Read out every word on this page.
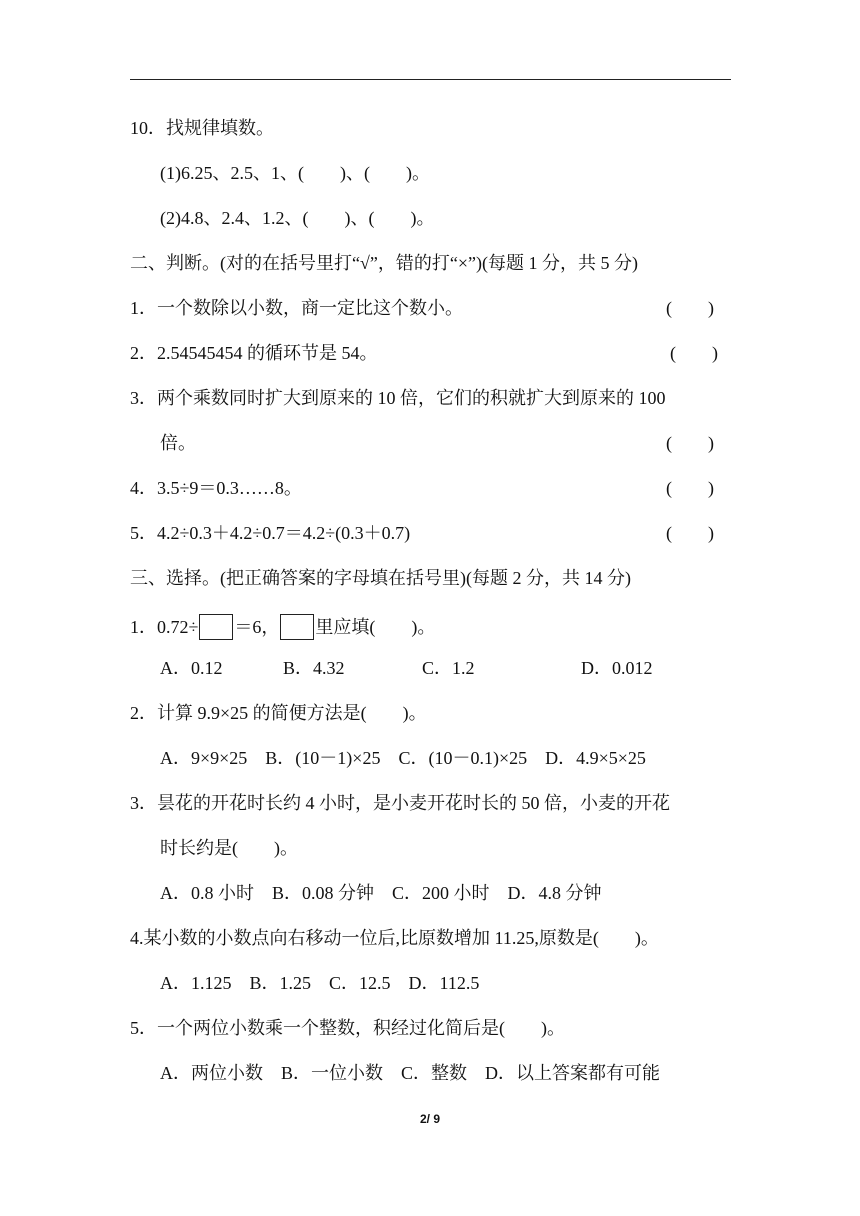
10．找规律填数。
(1)6.25、2.5、1、(　　)、(　　)。
(2)4.8、2.4、1.2、(　　)、(　　)。
二、判断。(对的在括号里打“√”，错的打“×”)(每题 1 分，共 5 分)
1．一个数除以小数，商一定比这个数小。	(　　)
2．2.54545454 的循环节是 54。	(　　)
3．两个乘数同时扩大到原来的 10 倍，它们的积就扩大到原来的 100
倍。	(　　)
4．3.5÷9＝0.3……8。	(　　)
5．4.2÷0.3＋4.2÷0.7＝4.2÷(0.3＋0.7)	(　　)
三、选择。(把正确答案的字母填在括号里)(每题 2 分，共 14 分)
1．0.72÷ ＝6， 里应填(　　)。
A．0.12	B．4.32	C．1.2	D．0.012
2．计算 9.9×25 的简便方法是(　　)。
A．9×9×25　B．(10－1)×25　C．(10－0.1)×25　D．4.9×5×25
3．昙花的开花时长约 4 小时，是小麦开花时长的 50 倍，小麦的开花
时长约是(　　)。
A．0.8 小时　B．0.08 分钟　C．200 小时　D．4.8 分钟
4.某小数的小数点向右移动一位后,比原数增加 11.25,原数是(　　)。
A．1.125　B．1.25　C．12.5　D．112.5
5．一个两位小数乘一个整数，积经过化简后是(　　)。
A．两位小数　B．一位小数　C．整数　D．以上答案都有可能
2/ 9
